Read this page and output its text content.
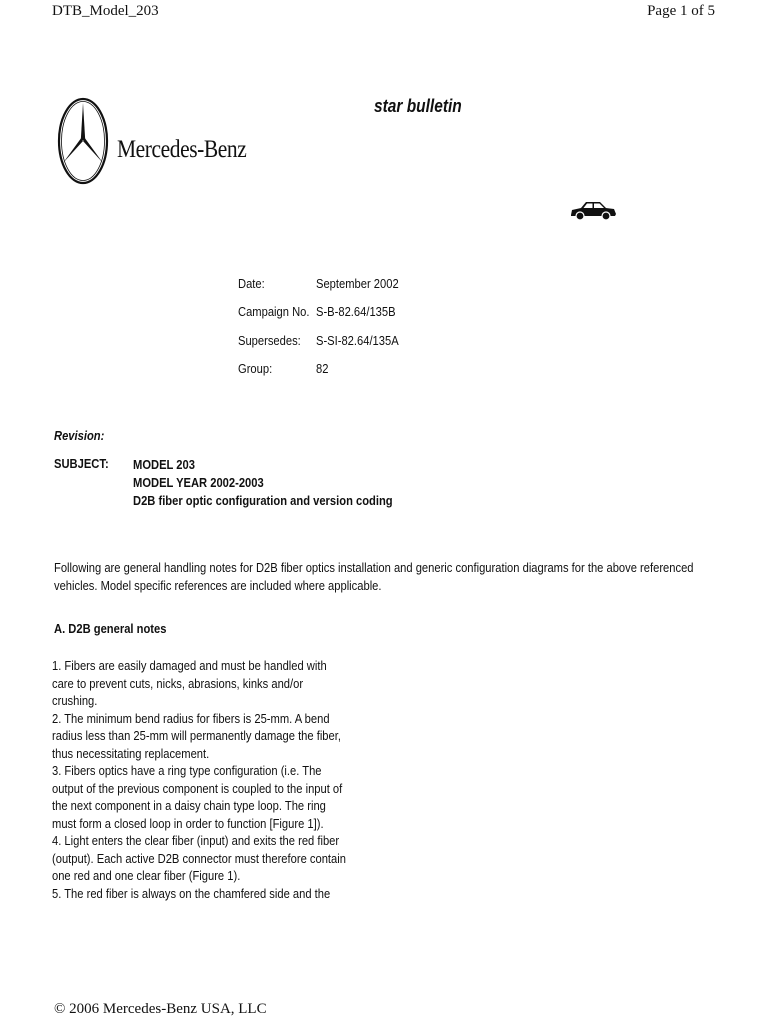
DTB_Model_203	Page 1 of 5
Mercedes-Benz
star bulletin
Date:	September 2002
Campaign No. S-B-82.64/135B
Supersedes: S-SI-82.64/135A
Group:	82
Revision:
SUBJECT: MODEL 203
MODEL YEAR 2002-2003
D2B fiber optic configuration and version coding
Following are general handling notes for D2B fiber optics installation and generic configuration diagrams for the above referenced
vehicles. Model specific references are included where applicable.
A. D2B general notes
1. Fibers are easily damaged and must be handled with
care to prevent cuts, nicks, abrasions, kinks and/or
crushing.
2. The minimum bend radius for fibers is 25-mm. A bend
radius less than 25-mm will permanently damage the fiber,
thus necessitating replacement.
3. Fibers optics have a ring type configuration (i.e. The
output of the previous component is coupled to the input of
the next component in a daisy chain type loop. The ring
must form a closed loop in order to function [Figure 1]).
4. Light enters the clear fiber (input) and exits the red fiber
(output). Each active D2B connector must therefore contain
one red and one clear fiber (Figure 1).
5. The red fiber is always on the chamfered side and the
© 2006 Mercedes-Benz USA, LLC
